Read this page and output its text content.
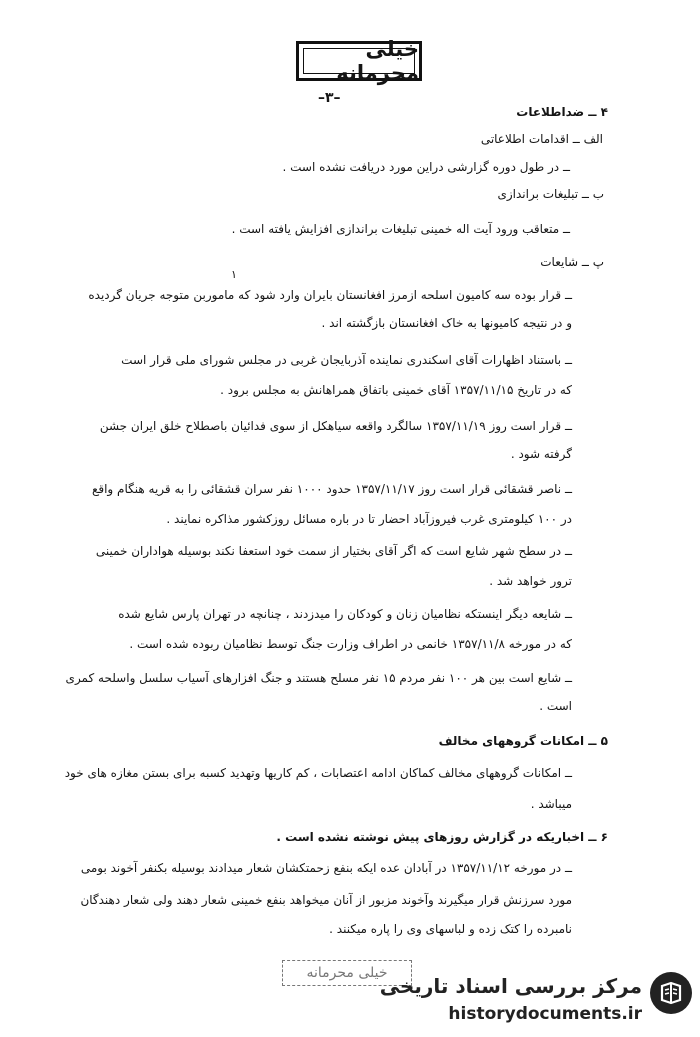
خیلی محرمانه
–۳–
۴ ــ ضداطلاعات
الف ــ اقدامات اطلاعاتی
ــ در طول دوره گزارشی دراین مورد دریافت نشده است .
ب ــ تبلیغات براندازی
ــ متعاقب ورود آیت اله خمینی تبلیغات براندازی افزایش یافته است .
پ ــ شایعات
۱
ــ قرار بوده سه کامیون اسلحه ازمرز افغانستان بایران وارد شود که ماموربن متوجه جریان گردیده
و در نتیجه کامیونها به خاک افغانستان بازگشته اند .
ــ باستناد اظهارات آقای اسکندری نماینده آذربایجان غربی در مجلس شورای ملی قرار است
که در تاریخ ۱۳۵۷/۱۱/۱۵ آقای خمینی باتفاق همراهانش به مجلس برود .
ــ قرار است روز ۱۳۵۷/۱۱/۱۹ سالگرد واقعه سیاهکل از سوی فدائیان باصطلاح خلق ایران جشن
گرفته شود .
ــ ناصر قشقائی قرار است روز ۱۳۵۷/۱۱/۱۷ حدود ۱۰۰۰ نفر سران قشقائی را به قریه هنگام واقع
در ۱۰۰ کیلومتری غرب فیروزآباد احضار تا در باره مسائل روزکشور مذاکره نمایند .
ــ در سطح شهر شایع است که اگر آقای بختیار از سمت خود استعفا نکند بوسیله هواداران خمینی
ترور خواهد شد .
ــ شایعه دیگر اینستکه نظامیان زنان و کودکان را میدزدند ، چنانچه در تهران پارس شایع شده
که در مورخه ۱۳۵۷/۱۱/۸ خانمی در اطراف وزارت جنگ توسط نظامیان ربوده شده است .
ــ شایع است بین هر ۱۰۰ نفر مردم ۱۵ نفر مسلح هستند و جنگ افزارهای آسیاب سلسل واسلحه کمری
است .
۵ ــ امکانات گروههای مخالف
ــ امکانات گروههای مخالف کماکان ادامه اعتصابات ، کم کاریها وتهدید کسبه برای بستن مغازه های خود
میباشد .
۶ ــ اخباریکه در گزارش روزهای پیش نوشته نشده است .
ــ در مورخه ۱۳۵۷/۱۱/۱۲ در آبادان عده ایکه بنفع زحمتکشان شعار میدادند بوسیله بکنفر آخوند بومی
مورد سرزنش قرار میگیرند وآخوند مزبور از آنان میخواهد بنفع خمینی شعار دهند ولی شعار دهندگان
نامبرده را کتک زده و لباسهای وی را پاره میکنند .
خیلی محرمانه
مرکز بررسی اسناد تاریخی
historydocuments.ir
